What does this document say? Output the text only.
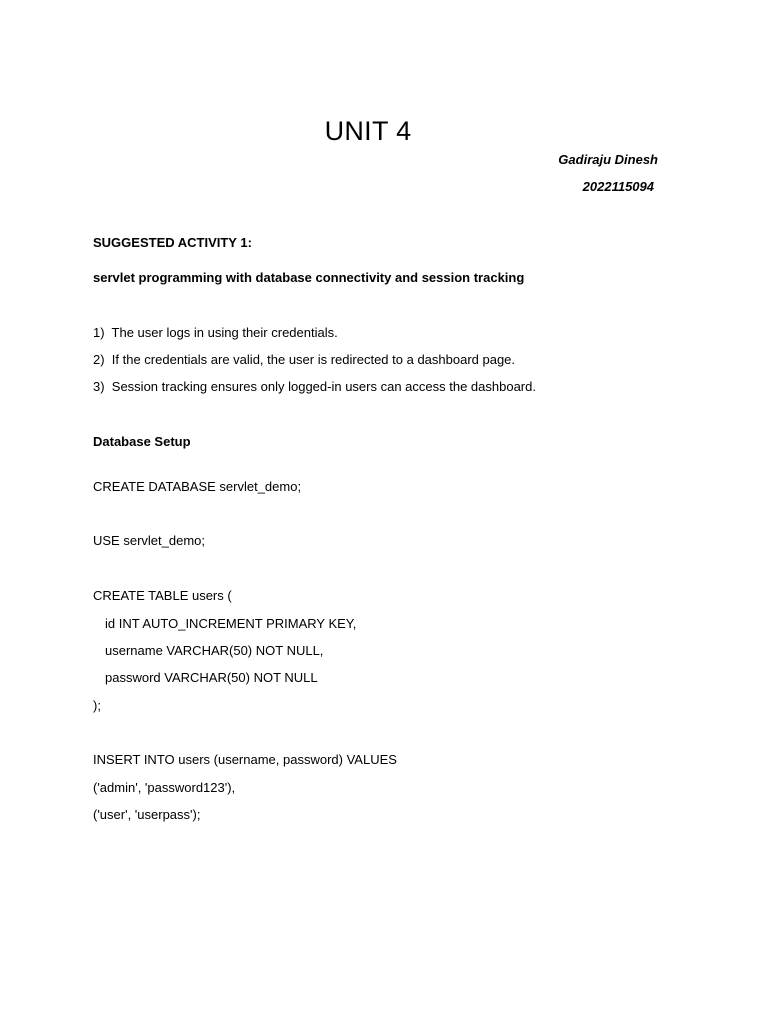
UNIT 4
Gadiraju Dinesh
2022115094
SUGGESTED ACTIVITY 1:
servlet programming with database connectivity and session tracking
1)  The user logs in using their credentials.
2)  If the credentials are valid, the user is redirected to a dashboard page.
3)  Session tracking ensures only logged-in users can access the dashboard.
Database Setup
CREATE DATABASE servlet_demo;
USE servlet_demo;
CREATE TABLE users (
id INT AUTO_INCREMENT PRIMARY KEY,
username VARCHAR(50) NOT NULL,
password VARCHAR(50) NOT NULL
);
INSERT INTO users (username, password) VALUES
('admin', 'password123'),
('user', 'userpass');
